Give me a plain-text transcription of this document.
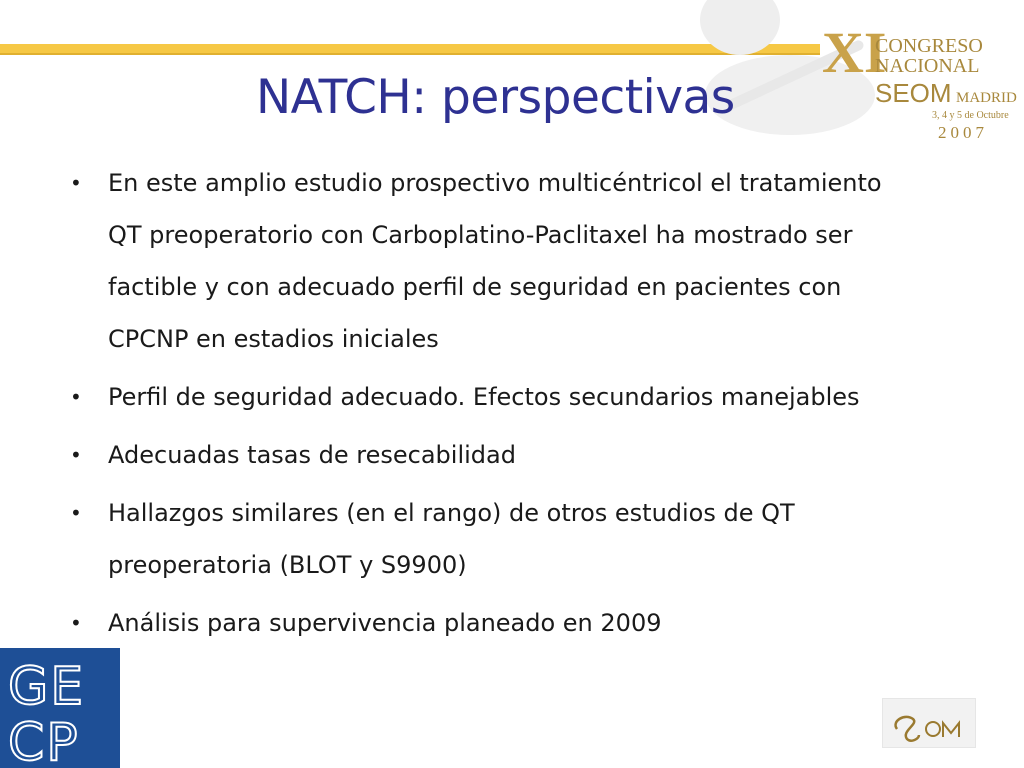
XI
CONGRESO
NACIONAL
SEOM MADRID
3, 4 y 5 de Octubre
2007
NATCH: perspectivas
• En este amplio estudio prospectivo multicéntricol el tratamiento QT preoperatorio con Carboplatino-Paclitaxel ha mostrado ser factible y con adecuado perfil de seguridad en pacientes con CPCNP en estadios iniciales
• Perfil de seguridad adecuado. Efectos secundarios manejables
• Adecuadas tasas de resecabilidad
• Hallazgos similares (en el rango) de otros estudios de QT preoperatoria (BLOT y S9900)
• Análisis para supervivencia planeado en 2009
GE
CP
